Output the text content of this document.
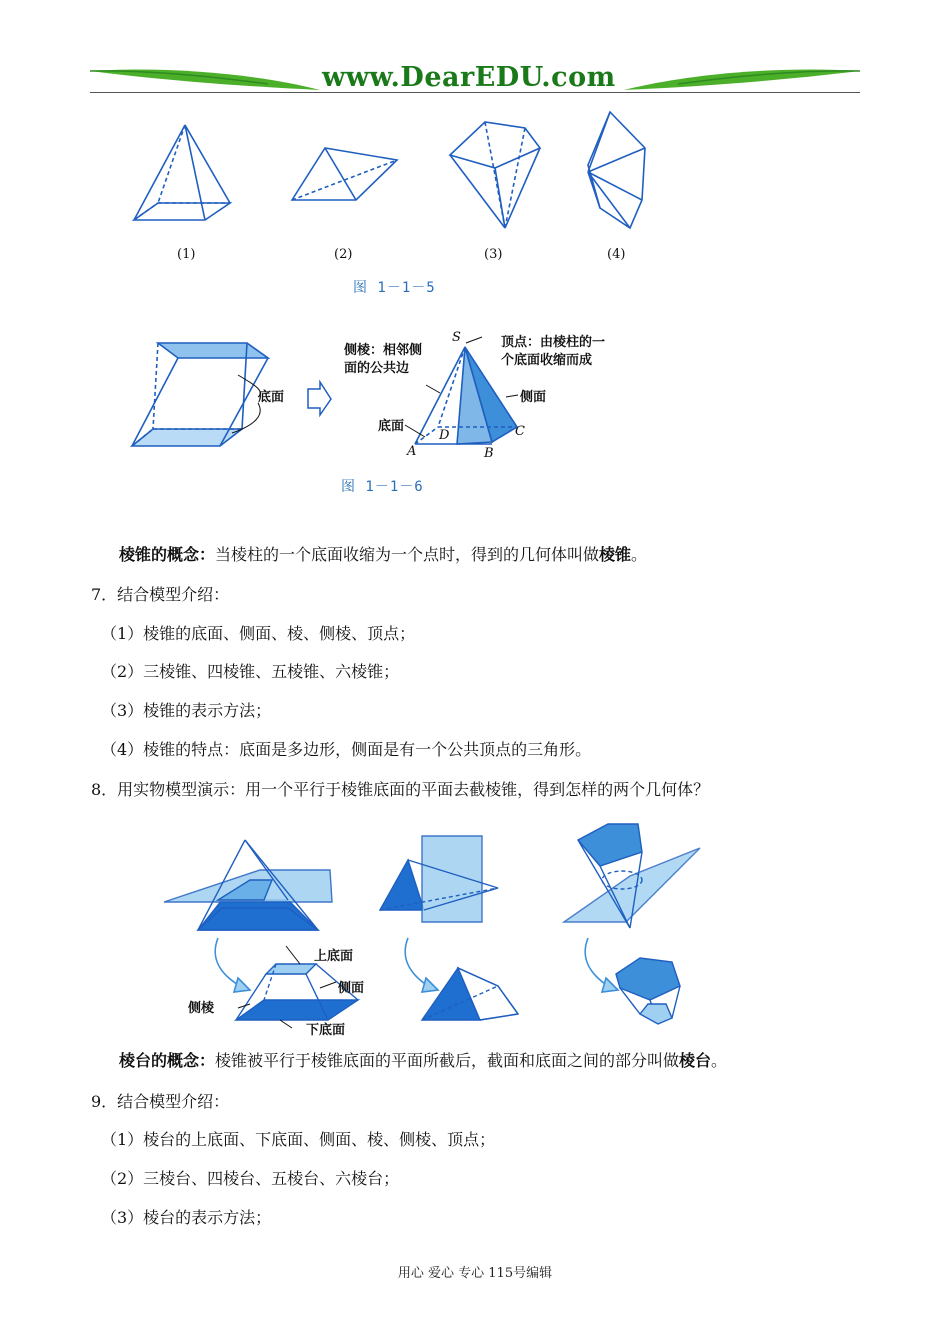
www.DearEDU.com
(1)	(2)	(3)	(4)
图 1－1－5
底面
侧棱：相邻侧
面的公共边
顶点：由棱柱的一
个底面收缩而成
侧面
底面
S
A	B
C
D
图 1－1－6
棱锥的概念：当棱柱的一个底面收缩为一个点时，得到的几何体叫做棱锥。
7．结合模型介绍：
（1）棱锥的底面、侧面、棱、侧棱、顶点；
（2）三棱锥、四棱锥、五棱锥、六棱锥；
（3）棱锥的表示方法；
（4）棱锥的特点：底面是多边形，侧面是有一个公共顶点的三角形。
8．用实物模型演示：用一个平行于棱锥底面的平面去截棱锥，得到怎样的两个几何体？
上底面
侧面
侧棱
下底面
棱台的概念：棱锥被平行于棱锥底面的平面所截后，截面和底面之间的部分叫做棱台。
9．结合模型介绍：
（1）棱台的上底面、下底面、侧面、棱、侧棱、顶点；
（2）三棱台、四棱台、五棱台、六棱台；
（3）棱台的表示方法；
用心 爱心 专心 115号编辑
